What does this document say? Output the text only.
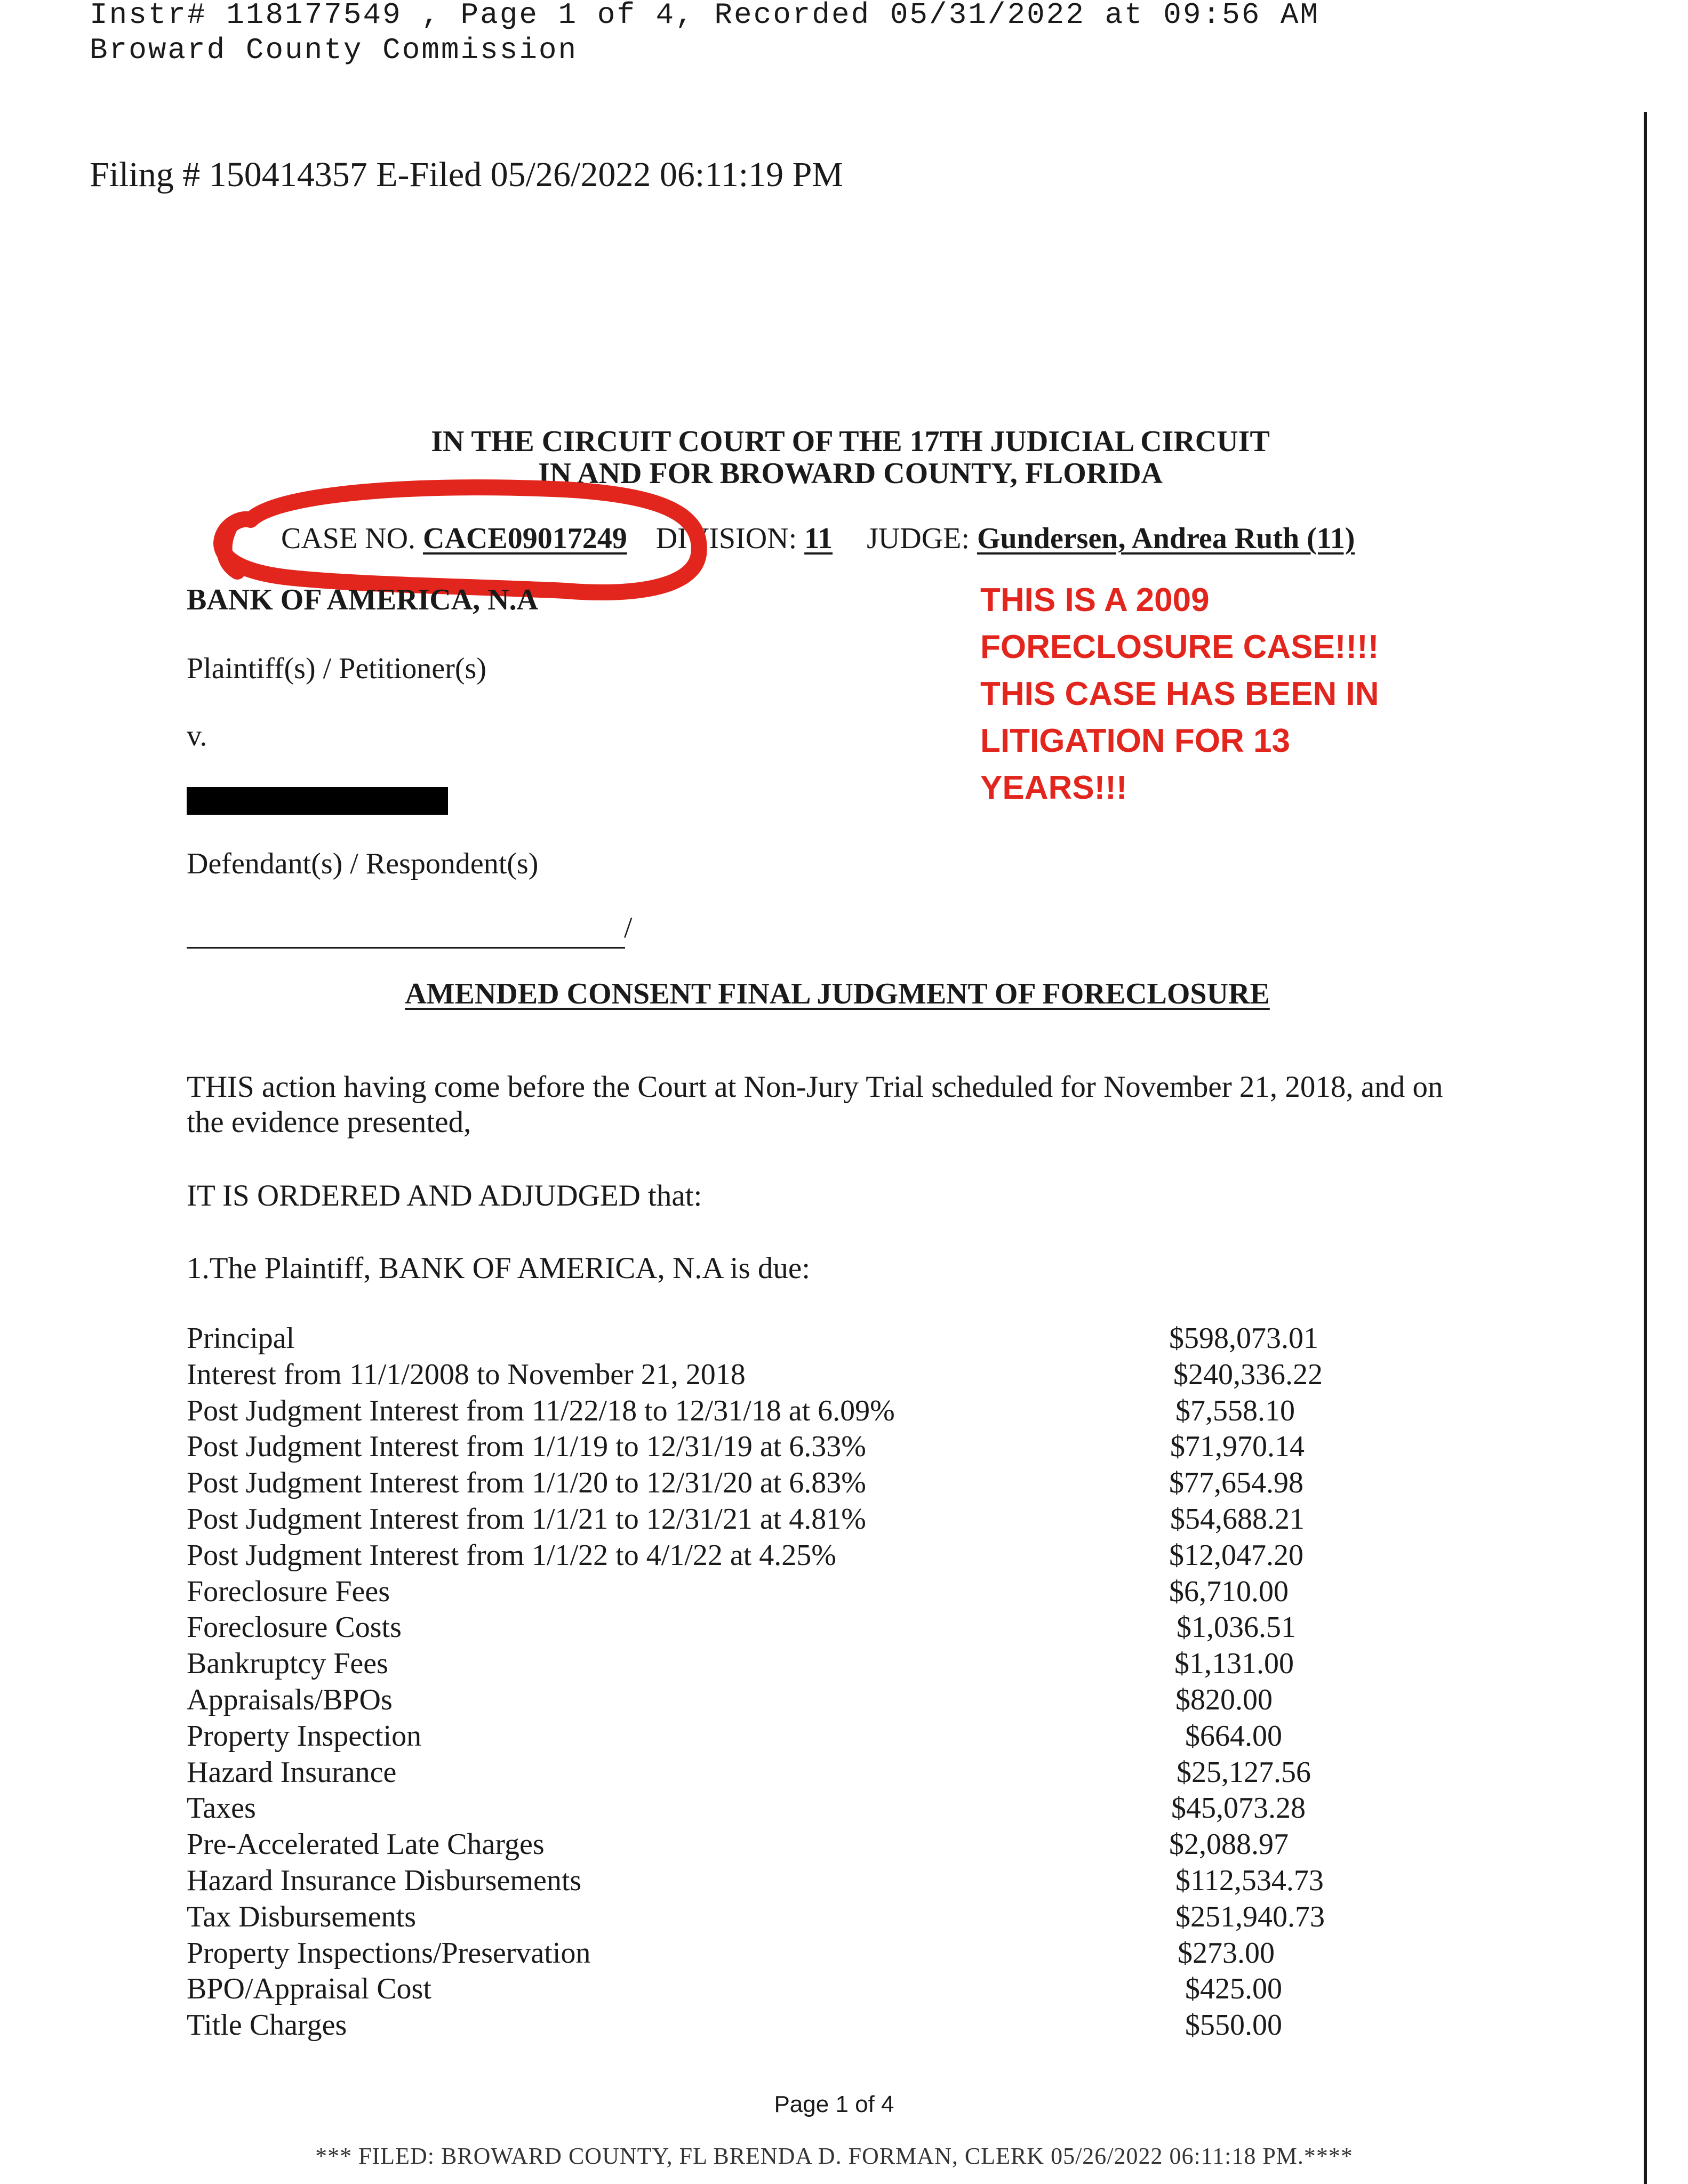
Instr# 118177549 , Page 1 of 4, Recorded 05/31/2022 at 09:56 AM
Broward County Commission
Filing # 150414357 E-Filed 05/26/2022 06:11:19 PM
IN THE CIRCUIT COURT OF THE 17TH JUDICIAL CIRCUIT
IN AND FOR BROWARD COUNTY, FLORIDA
CASE NO. CACE09017249 DIVISION: 11 JUDGE: Gundersen, Andrea Ruth (11)
BANK OF AMERICA, N.A
Plaintiff(s) / Petitioner(s)
v.
Defendant(s) / Respondent(s)
/
THIS IS A 2009
FORECLOSURE CASE!!!!
THIS CASE HAS BEEN IN
LITIGATION FOR 13
YEARS!!!
AMENDED CONSENT FINAL JUDGMENT OF FORECLOSURE
THIS action having come before the Court at Non-Jury Trial scheduled for November 21, 2018, and on
the evidence presented,
IT IS ORDERED AND ADJUDGED that:
1.The Plaintiff, BANK OF AMERICA, N.A is due:
Principal	$598,073.01
Interest from 11/1/2008 to November 21, 2018	$240,336.22
Post Judgment Interest from 11/22/18 to 12/31/18 at 6.09%	$7,558.10
Post Judgment Interest from 1/1/19 to 12/31/19 at 6.33%	$71,970.14
Post Judgment Interest from 1/1/20 to 12/31/20 at 6.83%	$77,654.98
Post Judgment Interest from 1/1/21 to 12/31/21 at 4.81%	$54,688.21
Post Judgment Interest from 1/1/22 to 4/1/22 at 4.25%	$12,047.20
Foreclosure Fees	$6,710.00
Foreclosure Costs	$1,036.51
Bankruptcy Fees	$1,131.00
Appraisals/BPOs	$820.00
Property Inspection	$664.00
Hazard Insurance	$25,127.56
Taxes	$45,073.28
Pre-Accelerated Late Charges	$2,088.97
Hazard Insurance Disbursements	$112,534.73
Tax Disbursements	$251,940.73
Property Inspections/Preservation	$273.00
BPO/Appraisal Cost	$425.00
Title Charges	$550.00
Page 1 of 4
*** FILED: BROWARD COUNTY, FL BRENDA D. FORMAN, CLERK 05/26/2022 06:11:18 PM.****
